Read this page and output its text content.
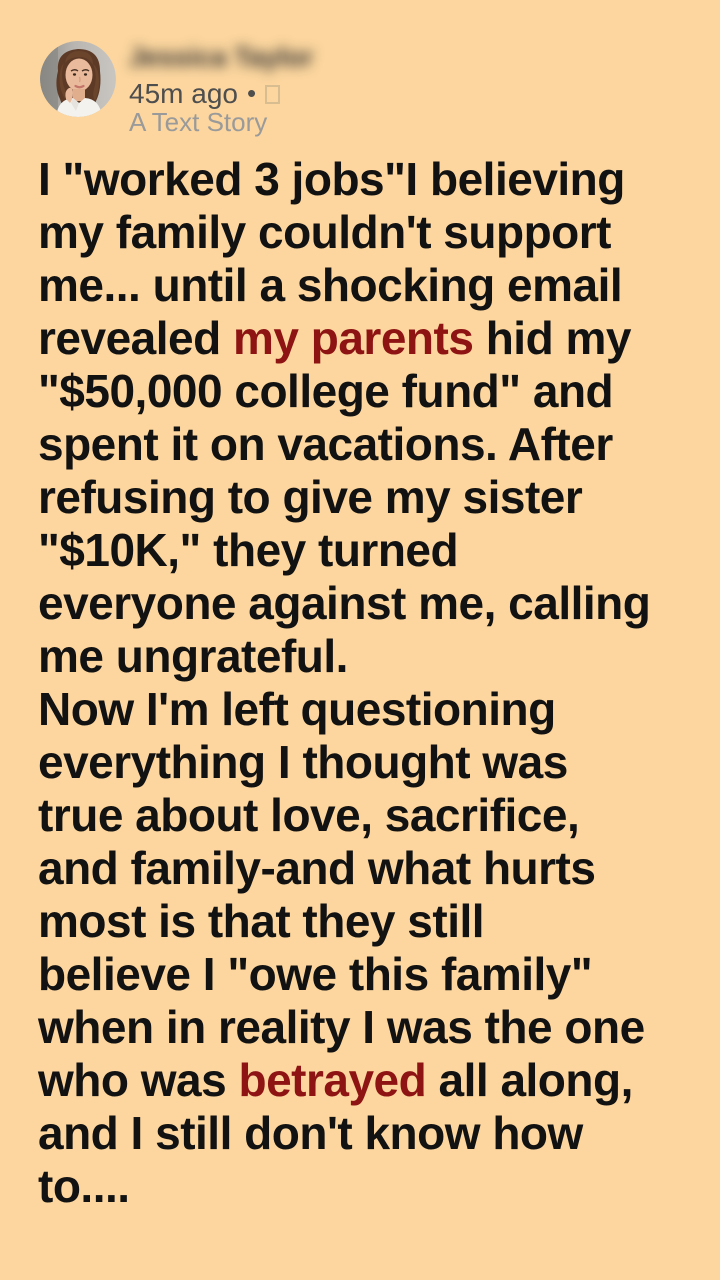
Jessica Taylor
45m ago •
A Text Story
I "worked 3 jobs"I believing
my family couldn't support
me... until a shocking email
revealed my parents hid my
"$50,000 college fund" and
spent it on vacations. After
refusing to give my sister
"$10K," they turned
everyone against me, calling
me ungrateful.
Now I'm left questioning
everything I thought was
true about love, sacrifice,
and family-and what hurts
most is that they still
believe I "owe this family"
when in reality I was the one
who was betrayed all along,
and I still don't know how
to....
